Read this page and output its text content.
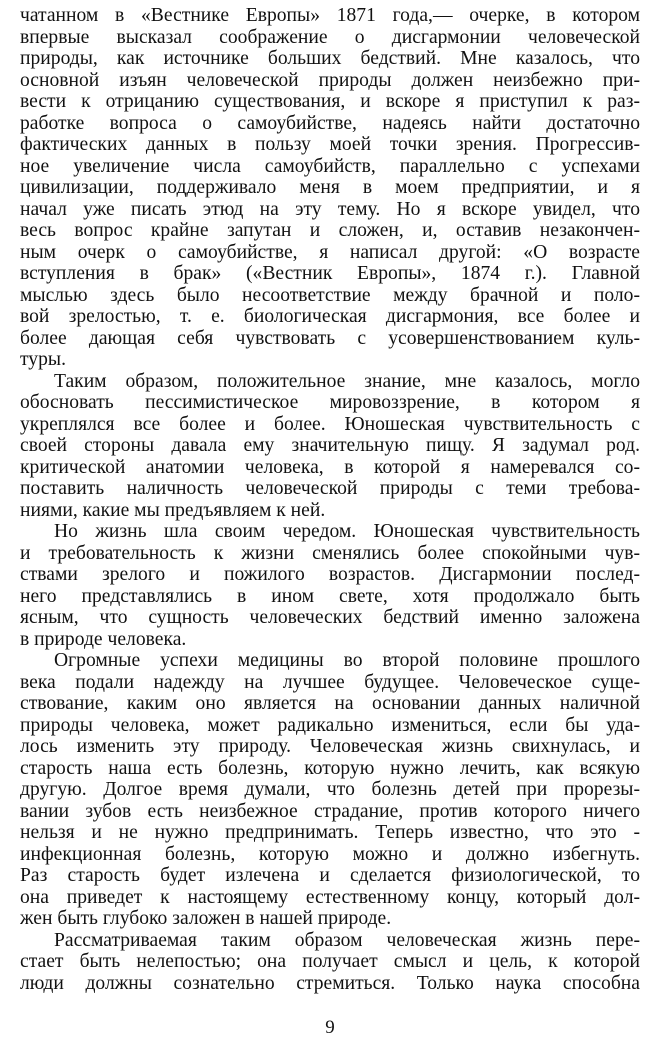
чатанном в «Вестнике Европы» 1871 года,— очерке, в котором
впервые высказал соображение о дисгармонии человеческой
природы, как источнике больших бедствий. Мне казалось, что
основной изъян человеческой природы должен неизбежно при-
вести к отрицанию существования, и вскоре я приступил к раз-
работке вопроса о самоубийстве, надеясь найти достаточно
фактических данных в пользу моей точки зрения. Прогрессив-
ное увеличение числа самоубийств, параллельно с успехами
цивилизации, поддерживало меня в моем предприятии, и я
начал уже писать этюд на эту тему. Но я вскоре увидел, что
весь вопрос крайне запутан и сложен, и, оставив незакончен-
ным очерк о самоубийстве, я написал другой: «О возрасте
вступления в брак» («Вестник Европы», 1874 г.). Главной
мыслью здесь было несоответствие между брачной и поло-
вой зрелостью, т. е. биологическая дисгармония, все более и
более дающая себя чувствовать с усовершенствованием куль-
туры.
Таким образом, положительное знание, мне казалось, могло
обосновать пессимистическое мировоззрение, в котором я
укреплялся все более и более. Юношеская чувствительность с
своей стороны давала ему значительную пищу. Я задумал род.
критической анатомии человека, в которой я намеревался со-
поставить наличность человеческой природы с теми требова-
ниями, какие мы предъявляем к ней.
Но жизнь шла своим чередом. Юношеская чувствительность
и требовательность к жизни сменялись более спокойными чув-
ствами зрелого и пожилого возрастов. Дисгармонии послед-
него представлялись в ином свете, хотя продолжало быть
ясным, что сущность человеческих бедствий именно заложена
в природе человека.
Огромные успехи медицины во второй половине прошлого
века подали надежду на лучшее будущее. Человеческое суще-
ствование, каким оно является на основании данных наличной
природы человека, может радикально измениться, если бы уда-
лось изменить эту природу. Человеческая жизнь свихнулась, и
старость наша есть болезнь, которую нужно лечить, как всякую
другую. Долгое время думали, что болезнь детей при прорезы-
вании зубов есть неизбежное страдание, против которого ничего
нельзя и не нужно предпринимать. Теперь известно, что это -
инфекционная болезнь, которую можно и должно избегнуть.
Раз старость будет излечена и сделается физиологической, то
она приведет к настоящему естественному концу, который дол-
жен быть глубоко заложен в нашей природе.
Рассматриваемая таким образом человеческая жизнь пере-
стает быть нелепостью; она получает смысл и цель, к которой
люди должны сознательно стремиться. Только наука способна
9
